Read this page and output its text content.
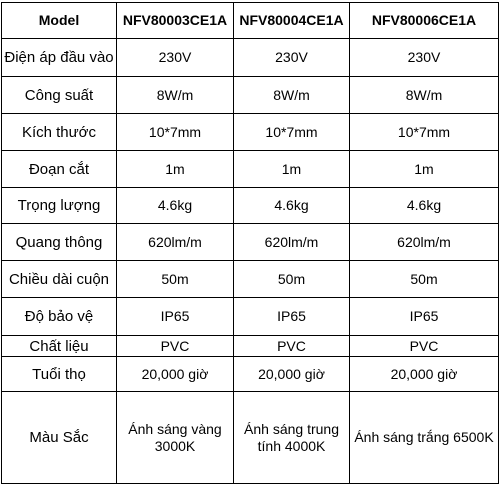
Model	NFV80003CE1A	NFV80004CE1A	NFV80006CE1A
Điện áp đầu vào	230V	230V	230V
Công suất	8W/m	8W/m	8W/m
Kích thước	10*7mm	10*7mm	10*7mm
Đoạn cắt	1m	1m	1m
Trọng lượng	4.6kg	4.6kg	4.6kg
Quang thông	620lm/m	620lm/m	620lm/m
Chiều dài cuộn	50m	50m	50m
Độ bảo vệ	IP65	IP65	IP65
Chất liệu	PVC	PVC	PVC
Tuổi thọ	20,000 giờ	20,000 giờ	20,000 giờ
Màu Sắc	Ánh sáng vàng 3000K	Ánh sáng trung tính 4000K	Ánh sáng trắng 6500K
